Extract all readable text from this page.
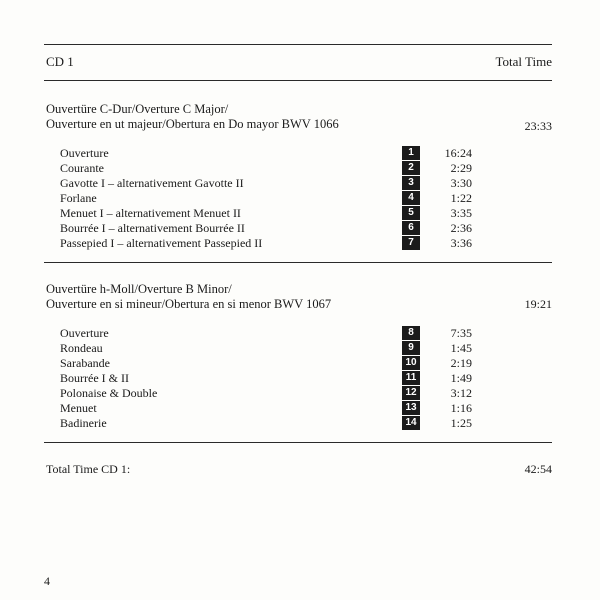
CD 1	Total Time
Ouvertüre C-Dur/Overture C Major/
Ouverture en ut majeur/Obertura en Do mayor BWV 1066	23:33
Ouverture	1	16:24
Courante	2	2:29
Gavotte I – alternativement Gavotte II	3	3:30
Forlane	4	1:22
Menuet I – alternativement Menuet II	5	3:35
Bourrée I – alternativement Bourrée II	6	2:36
Passepied I – alternativement Passepied II	7	3:36
Ouvertüre h-Moll/Overture B Minor/
Ouverture en si mineur/Obertura en si menor BWV 1067	19:21
Ouverture	8	7:35
Rondeau	9	1:45
Sarabande	10	2:19
Bourrée I & II	11	1:49
Polonaise & Double	12	3:12
Menuet	13	1:16
Badinerie	14	1:25
Total Time CD 1:	42:54
4
